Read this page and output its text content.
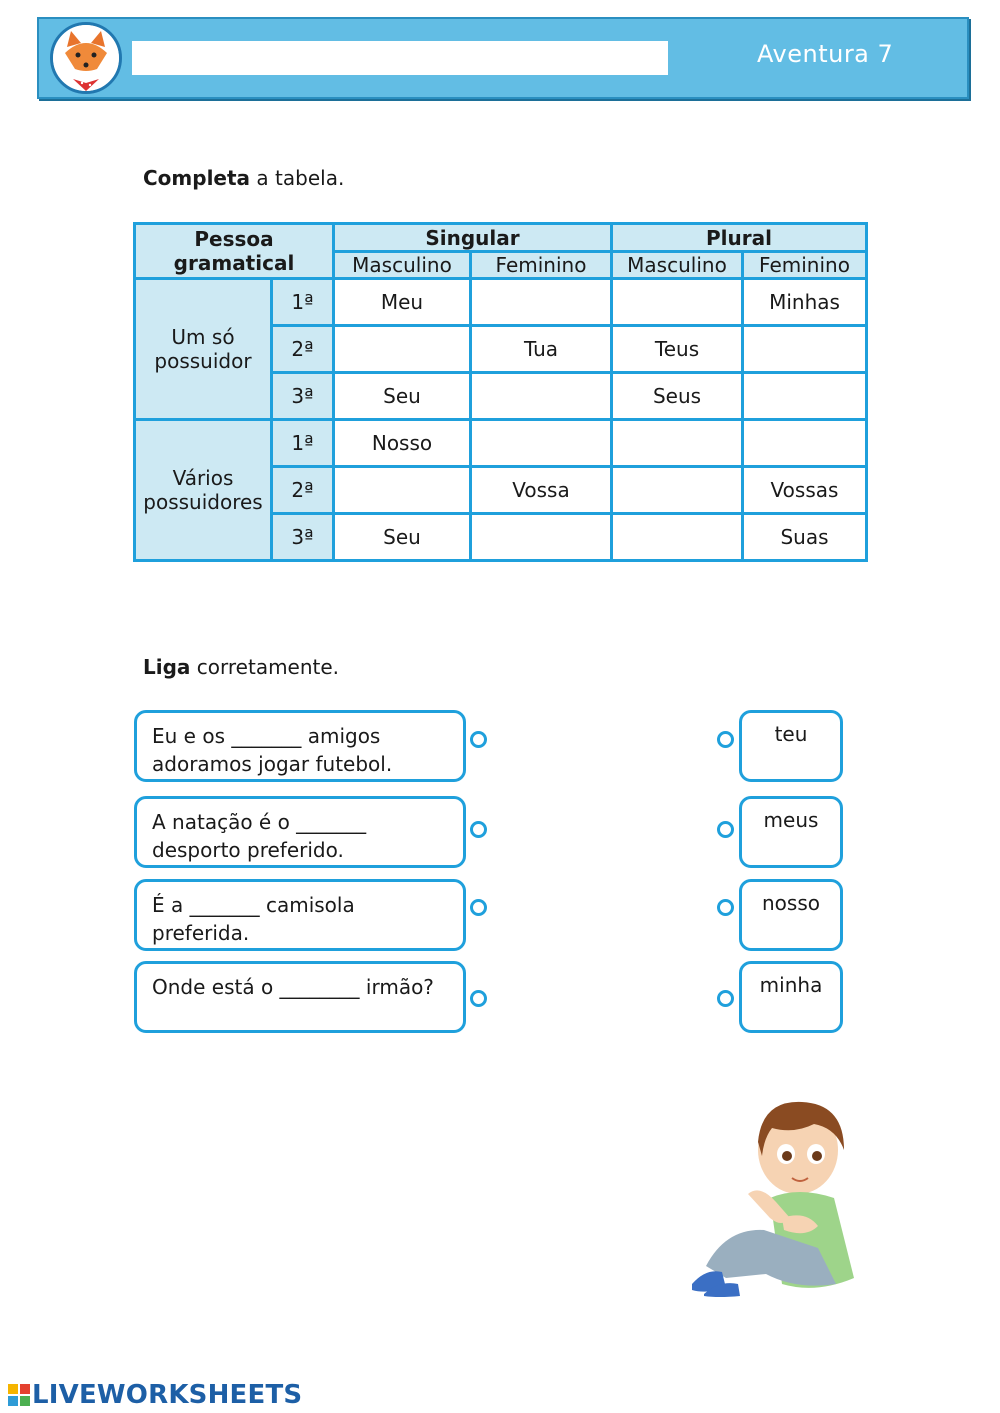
Aventura 7
Completa a tabela.
Pessoa gramatical		Singular		Plural	
		Masculino	Feminino	Masculino	Feminino
Um só possuidor	1ª	Meu			Minhas
	2ª		Tua	Teus	
	3ª	Seu		Seus	
Vários possuidores	1ª	Nosso			
	2ª		Vossa		Vossas
	3ª	Seu			Suas
Liga corretamente.
Eu e os _______ amigos
adoramos jogar futebol.
A natação é o _______
desporto preferido.
É a _______ camisola
preferida.
Onde está o ________ irmão?
teu
meus
nosso
minha
LIVEWORKSHEETS
